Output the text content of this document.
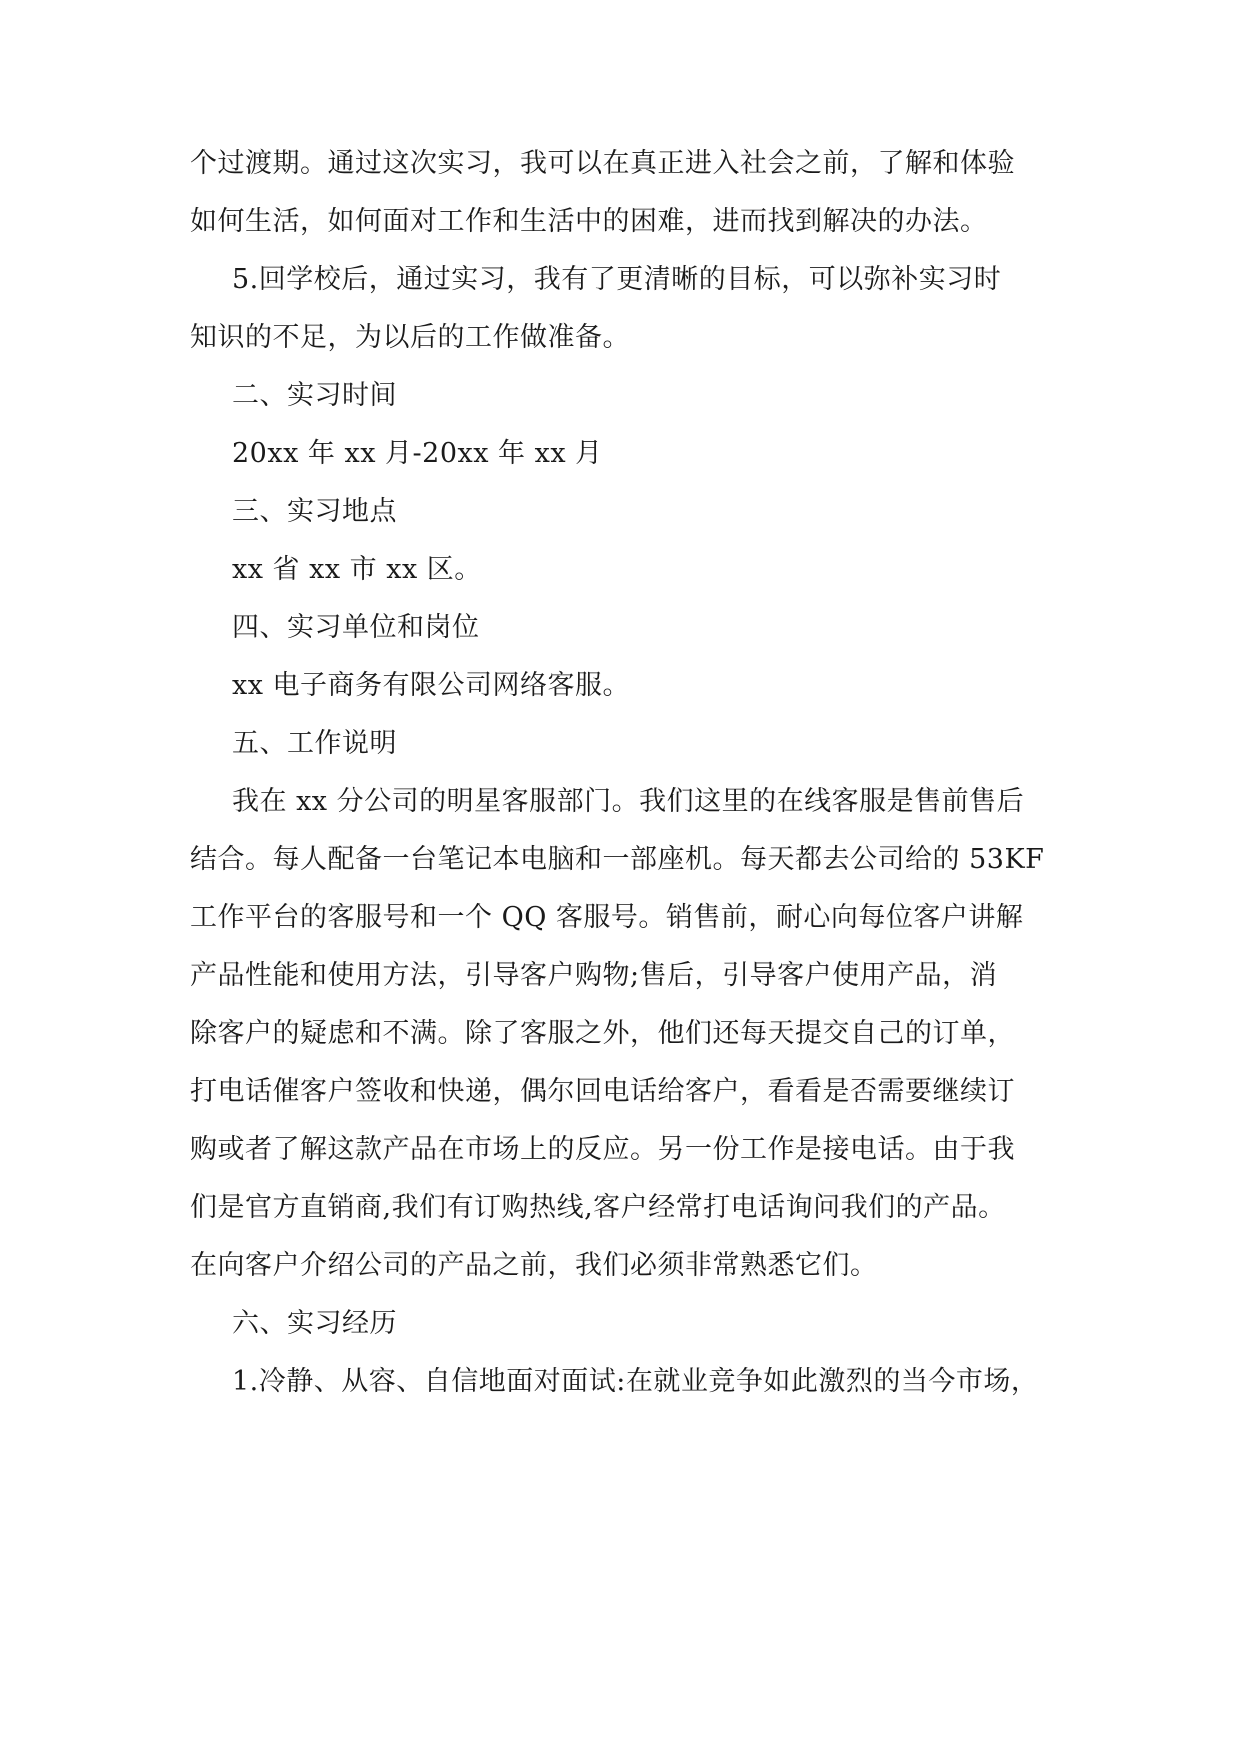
个过渡期。通过这次实习，我可以在真正进入社会之前，了解和体验

如何生活，如何面对工作和生活中的困难，进而找到解决的办法。

5.回学校后，通过实习，我有了更清晰的目标，可以弥补实习时

知识的不足，为以后的工作做准备。

二、实习时间

20xx 年 xx 月-20xx 年 xx 月

三、实习地点

xx 省 xx 市 xx 区。

四、实习单位和岗位

xx 电子商务有限公司网络客服。

五、工作说明

我在 xx 分公司的明星客服部门。我们这里的在线客服是售前售后

结合。每人配备一台笔记本电脑和一部座机。每天都去公司给的 53KF

工作平台的客服号和一个 QQ 客服号。销售前，耐心向每位客户讲解

产品性能和使用方法，引导客户购物;售后，引导客户使用产品，消

除客户的疑虑和不满。除了客服之外，他们还每天提交自己的订单，

打电话催客户签收和快递，偶尔回电话给客户，看看是否需要继续订

购或者了解这款产品在市场上的反应。另一份工作是接电话。由于我

们是官方直销商,我们有订购热线,客户经常打电话询问我们的产品。

在向客户介绍公司的产品之前，我们必须非常熟悉它们。

六、实习经历

1.冷静、从容、自信地面对面试:在就业竞争如此激烈的当今市场，
